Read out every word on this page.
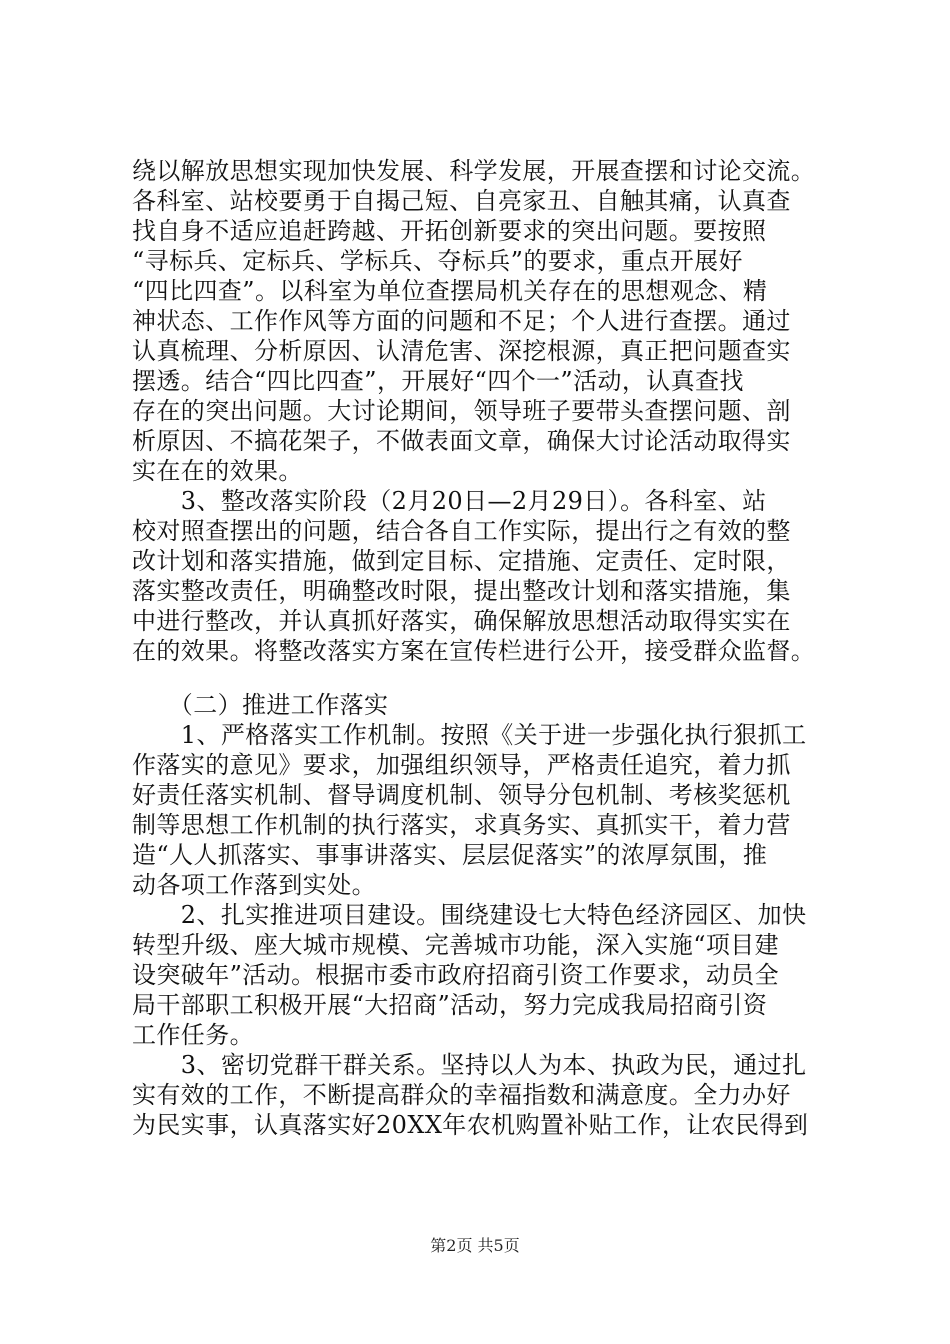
绕以解放思想实现加快发展、科学发展，开展查摆和讨论交流。
各科室、站校要勇于自揭己短、自亮家丑、自触其痛，认真查
找自身不适应追赶跨越、开拓创新要求的突出问题。要按照
“寻标兵、定标兵、学标兵、夺标兵”的要求，重点开展好
“四比四查”。以科室为单位查摆局机关存在的思想观念、精
神状态、工作作风等方面的问题和不足；个人进行查摆。通过
认真梳理、分析原因、认清危害、深挖根源，真正把问题查实
摆透。结合“四比四查”，开展好“四个一”活动，认真查找
存在的突出问题。大讨论期间，领导班子要带头查摆问题、剖
析原因、不搞花架子，不做表面文章，确保大讨论活动取得实
实在在的效果。
　　3、整改落实阶段（2月20日—2月29日）。各科室、站
校对照查摆出的问题，结合各自工作实际，提出行之有效的整
改计划和落实措施，做到定目标、定措施、定责任、定时限，
落实整改责任，明确整改时限，提出整改计划和落实措施，集
中进行整改，并认真抓好落实，确保解放思想活动取得实实在
在的效果。将整改落实方案在宣传栏进行公开，接受群众监督。
　　（二）推进工作落实
　　1、严格落实工作机制。按照《关于进一步强化执行狠抓工
作落实的意见》要求，加强组织领导，严格责任追究，着力抓
好责任落实机制、督导调度机制、领导分包机制、考核奖惩机
制等思想工作机制的执行落实，求真务实、真抓实干，着力营
造“人人抓落实、事事讲落实、层层促落实”的浓厚氛围，推
动各项工作落到实处。
　　2、扎实推进项目建设。围绕建设七大特色经济园区、加快
转型升级、座大城市规模、完善城市功能，深入实施“项目建
设突破年”活动。根据市委市政府招商引资工作要求，动员全
局干部职工积极开展“大招商”活动，努力完成我局招商引资
工作任务。
　　3、密切党群干群关系。坚持以人为本、执政为民，通过扎
实有效的工作，不断提高群众的幸福指数和满意度。全力办好
为民实事，认真落实好20XX年农机购置补贴工作，让农民得到
第2页 共5页
